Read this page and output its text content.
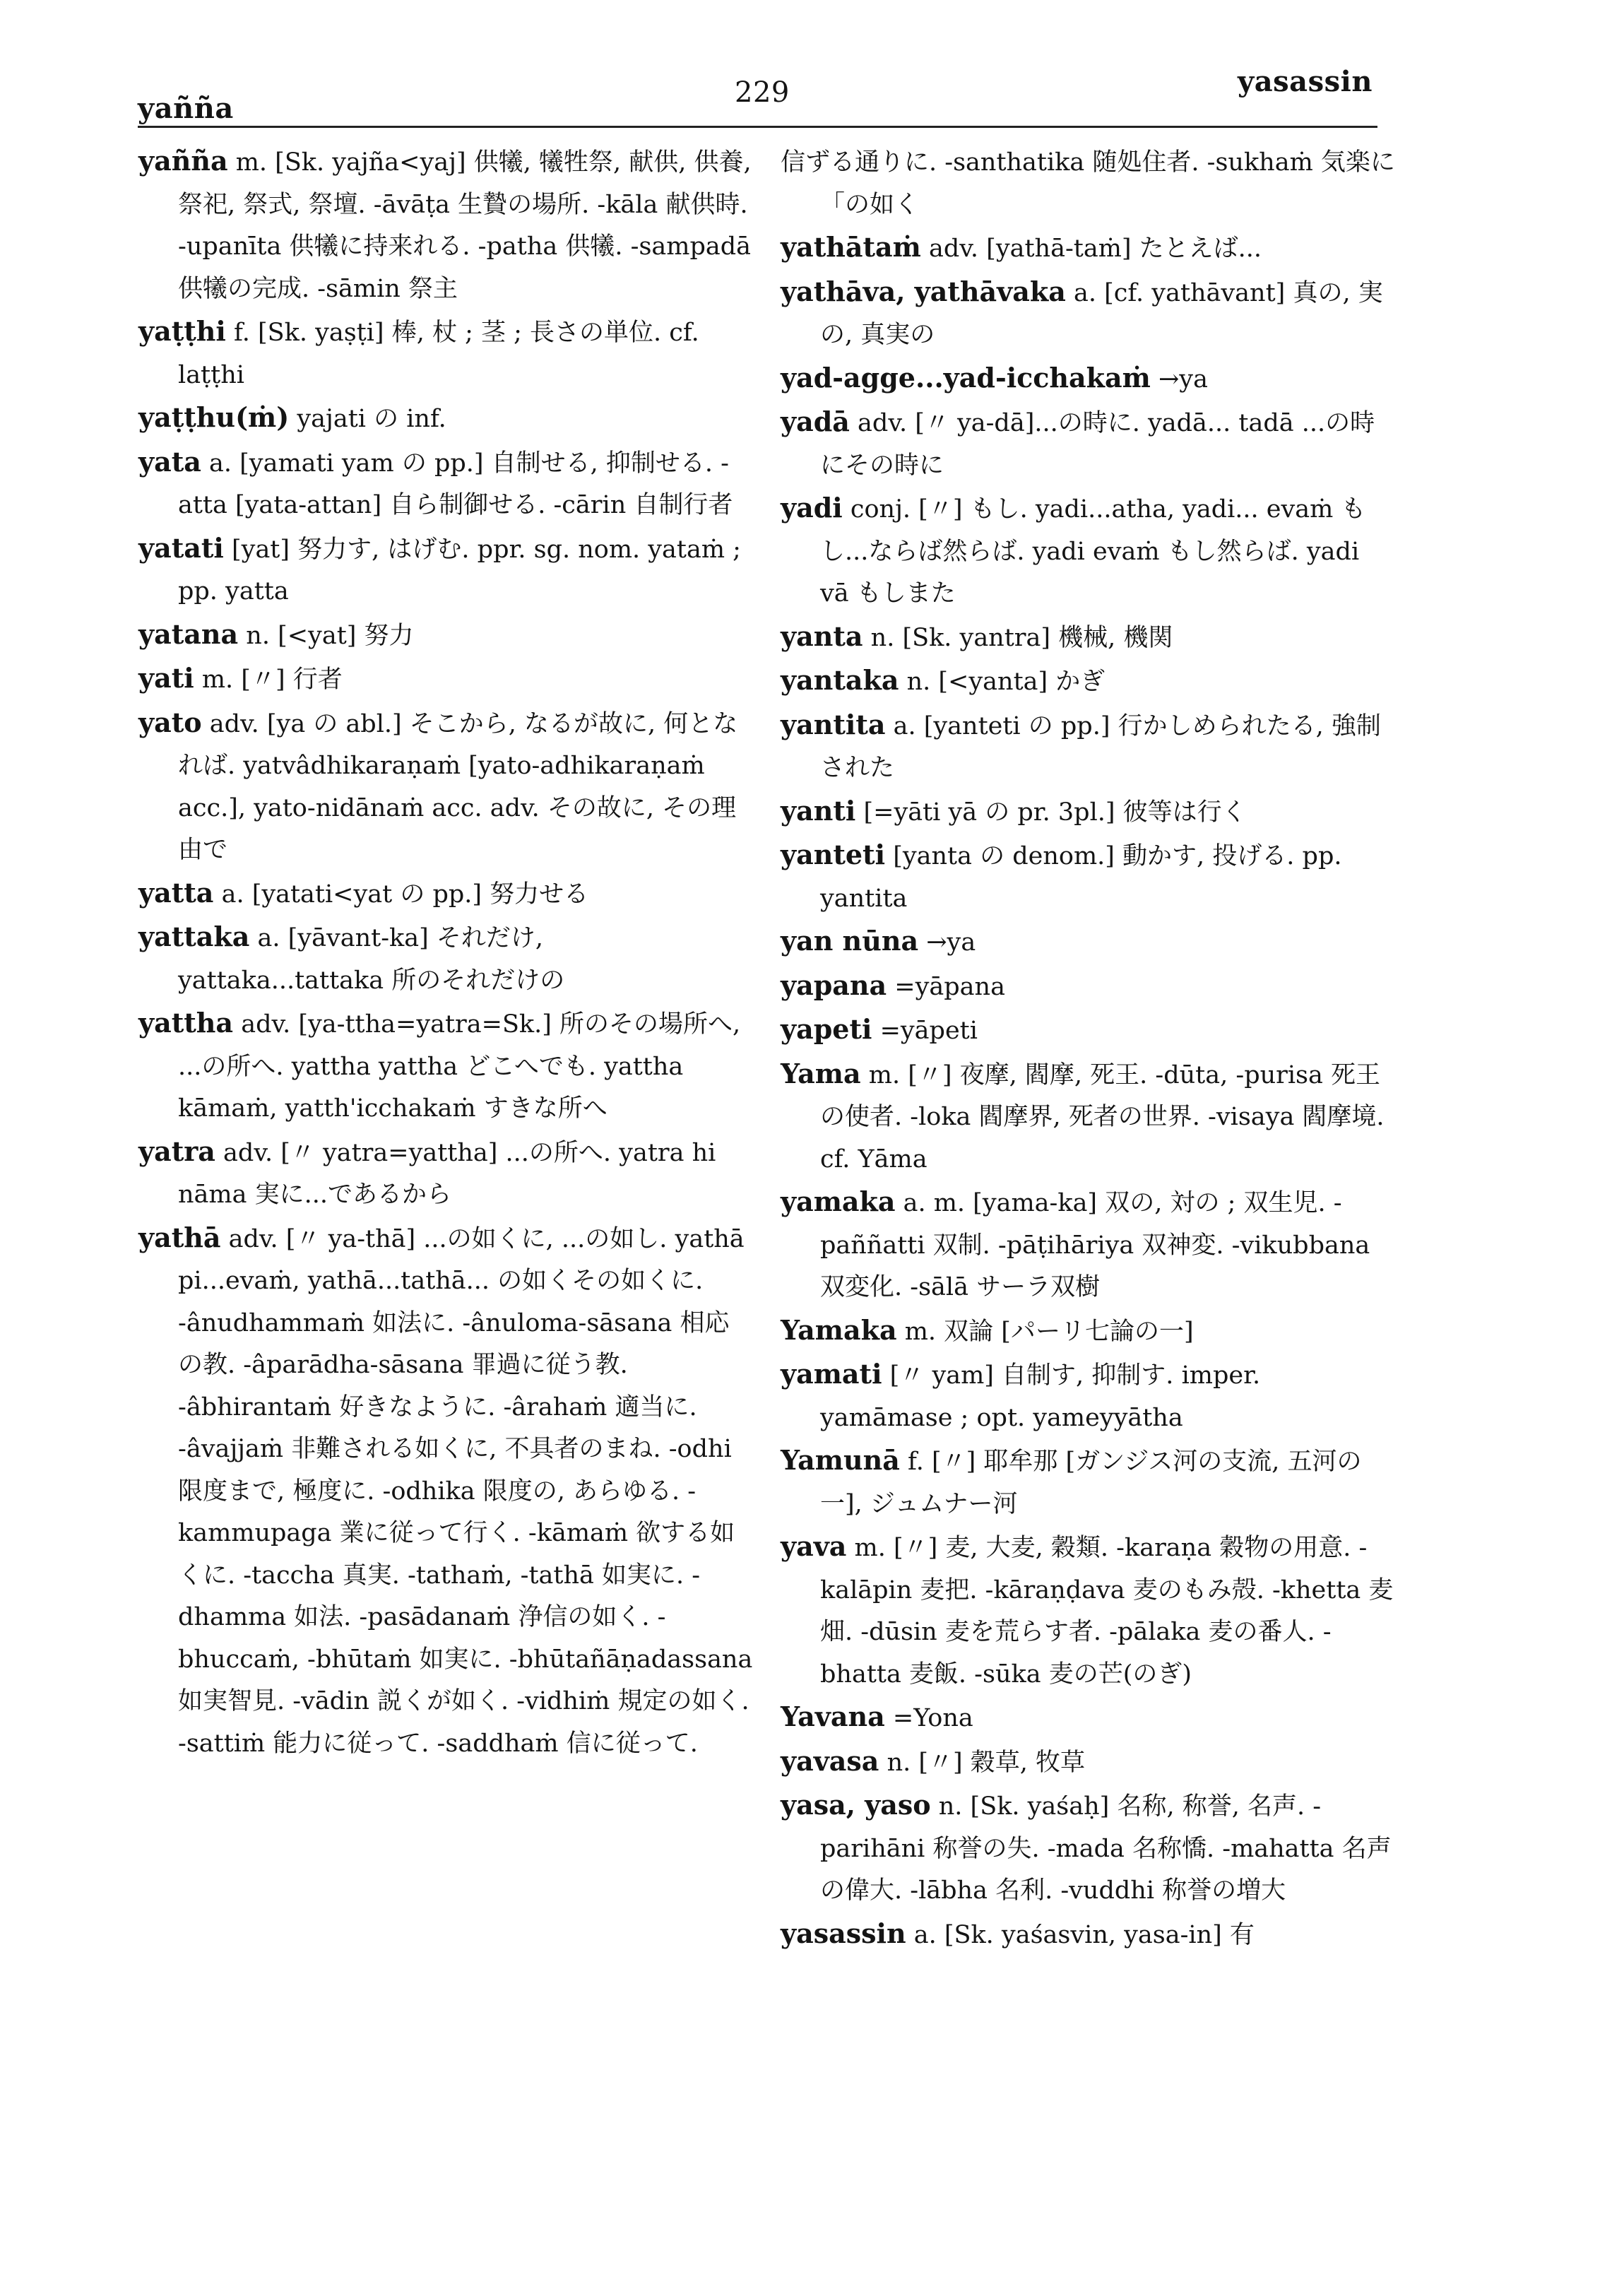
yañña	229	yasassin

yañña m. [Sk. yajña<yaj] 供犧, 犧牲祭, 献供, 供養, 祭祀, 祭式, 祭壇. -āvāṭa 生贄の場所. -kāla 献供時. -upanīta 供犧に持来れる. -patha 供犧. -sampadā 供犧の完成. -sāmin 祭主

yaṭṭhi f. [Sk. yaṣṭi] 棒, 杖 ; 茎 ; 長さの単位. cf. laṭṭhi

yaṭṭhu(ṁ) yajati の inf.

yata a. [yamati yam の pp.] 自制せる, 抑制せる. -atta [yata-attan] 自ら制御せる. -cārin 自制行者

yatati [yat] 努力す, はげむ. ppr. sg. nom. yataṁ ; pp. yatta

yatana n. [<yat] 努力

yati m. [〃] 行者

yato adv. [ya の abl.] そこから, なるが故に, 何となれば. yatvâdhikaraṇaṁ [yato-adhikaraṇaṁ acc.], yato-nidānaṁ acc. adv. その故に, その理由で

yatta a. [yatati<yat の pp.] 努力せる

yattaka a. [yāvant-ka] それだけ, yattaka...tattaka 所のそれだけの

yattha adv. [ya-ttha=yatra=Sk.] 所のその場所へ, ...の所へ. yattha yattha どこへでも. yattha kāmaṁ, yatth'icchakaṁ すきな所へ

yatra adv. [〃 yatra=yattha] ...の所へ. yatra hi nāma 実に...であるから

yathā adv. [〃 ya-thā] ...の如くに, ...の如し. yathā pi...evaṁ, yathā...tathā... の如くその如くに. -ânudhammaṁ 如法に. -ânuloma-sāsana 相応の教. -âparādha-sāsana 罪過に従う教. -âbhirantaṁ 好きなように. -ârahaṁ 適当に. -âvajjaṁ 非難される如くに, 不具者のまね. -odhi 限度まで, 極度に. -odhika 限度の, あらゆる. -kammupaga 業に従って行く. -kāmaṁ 欲する如くに. -taccha 真実. -tathaṁ, -tathā 如実に. -dhamma 如法. -pasādanaṁ 浄信の如く. -bhuccaṁ, -bhūtaṁ 如実に. -bhūtañāṇadassana 如実智見. -vādin 説くが如く. -vidhiṁ 規定の如く. -sattiṁ 能力に従って. -saddhaṁ 信に従って.

信ずる通りに. -santhatika 随処住者. -sukhaṁ 気楽に 「の如く

yathātaṁ adv. [yathā-taṁ] たとえば...

yathāva, yathāvaka a. [cf. yathāvant] 真の, 実の, 真実の

yad-agge...yad-icchakaṁ →ya

yadā adv. [〃 ya-dā]...の時に. yadā... tadā ...の時にその時に

yadi conj. [〃] もし. yadi...atha, yadi... evaṁ もし...ならば然らば. yadi evaṁ もし然らば. yadi vā もしまた

yanta n. [Sk. yantra] 機械, 機関

yantaka n. [<yanta] かぎ

yantita a. [yanteti の pp.] 行かしめられたる, 強制された

yanti [=yāti yā の pr. 3pl.] 彼等は行く

yanteti [yanta の denom.] 動かす, 投げる. pp. yantita

yan nūna →ya

yapana =yāpana

yapeti =yāpeti

Yama m. [〃] 夜摩, 閻摩, 死王. -dūta, -purisa 死王の使者. -loka 閻摩界, 死者の世界. -visaya 閻摩境. cf. Yāma

yamaka a. m. [yama-ka] 双の, 対の ; 双生児. -paññatti 双制. -pāṭihāriya 双神変. -vikubbana 双変化. -sālā サーラ双樹

Yamaka m. 双論 [パーリ七論の一]

yamati [〃 yam] 自制す, 抑制す. imper. yamāmase ; opt. yameyyātha

Yamunā f. [〃] 耶牟那 [ガンジス河の支流, 五河の一], ジュムナー河

yava m. [〃] 麦, 大麦, 穀類. -karaṇa 穀物の用意. -kalāpin 麦把. -kāraṇḍava 麦のもみ殻. -khetta 麦畑. -dūsin 麦を荒らす者. -pālaka 麦の番人. -bhatta 麦飯. -sūka 麦の芒(のぎ)

Yavana =Yona

yavasa n. [〃] 穀草, 牧草

yasa, yaso n. [Sk. yaśaḥ] 名称, 称誉, 名声. -parihāni 称誉の失. -mada 名称憍. -mahatta 名声の偉大. -lābha 名利. -vuddhi 称誉の増大

yasassin a. [Sk. yaśasvin, yasa-in] 有
